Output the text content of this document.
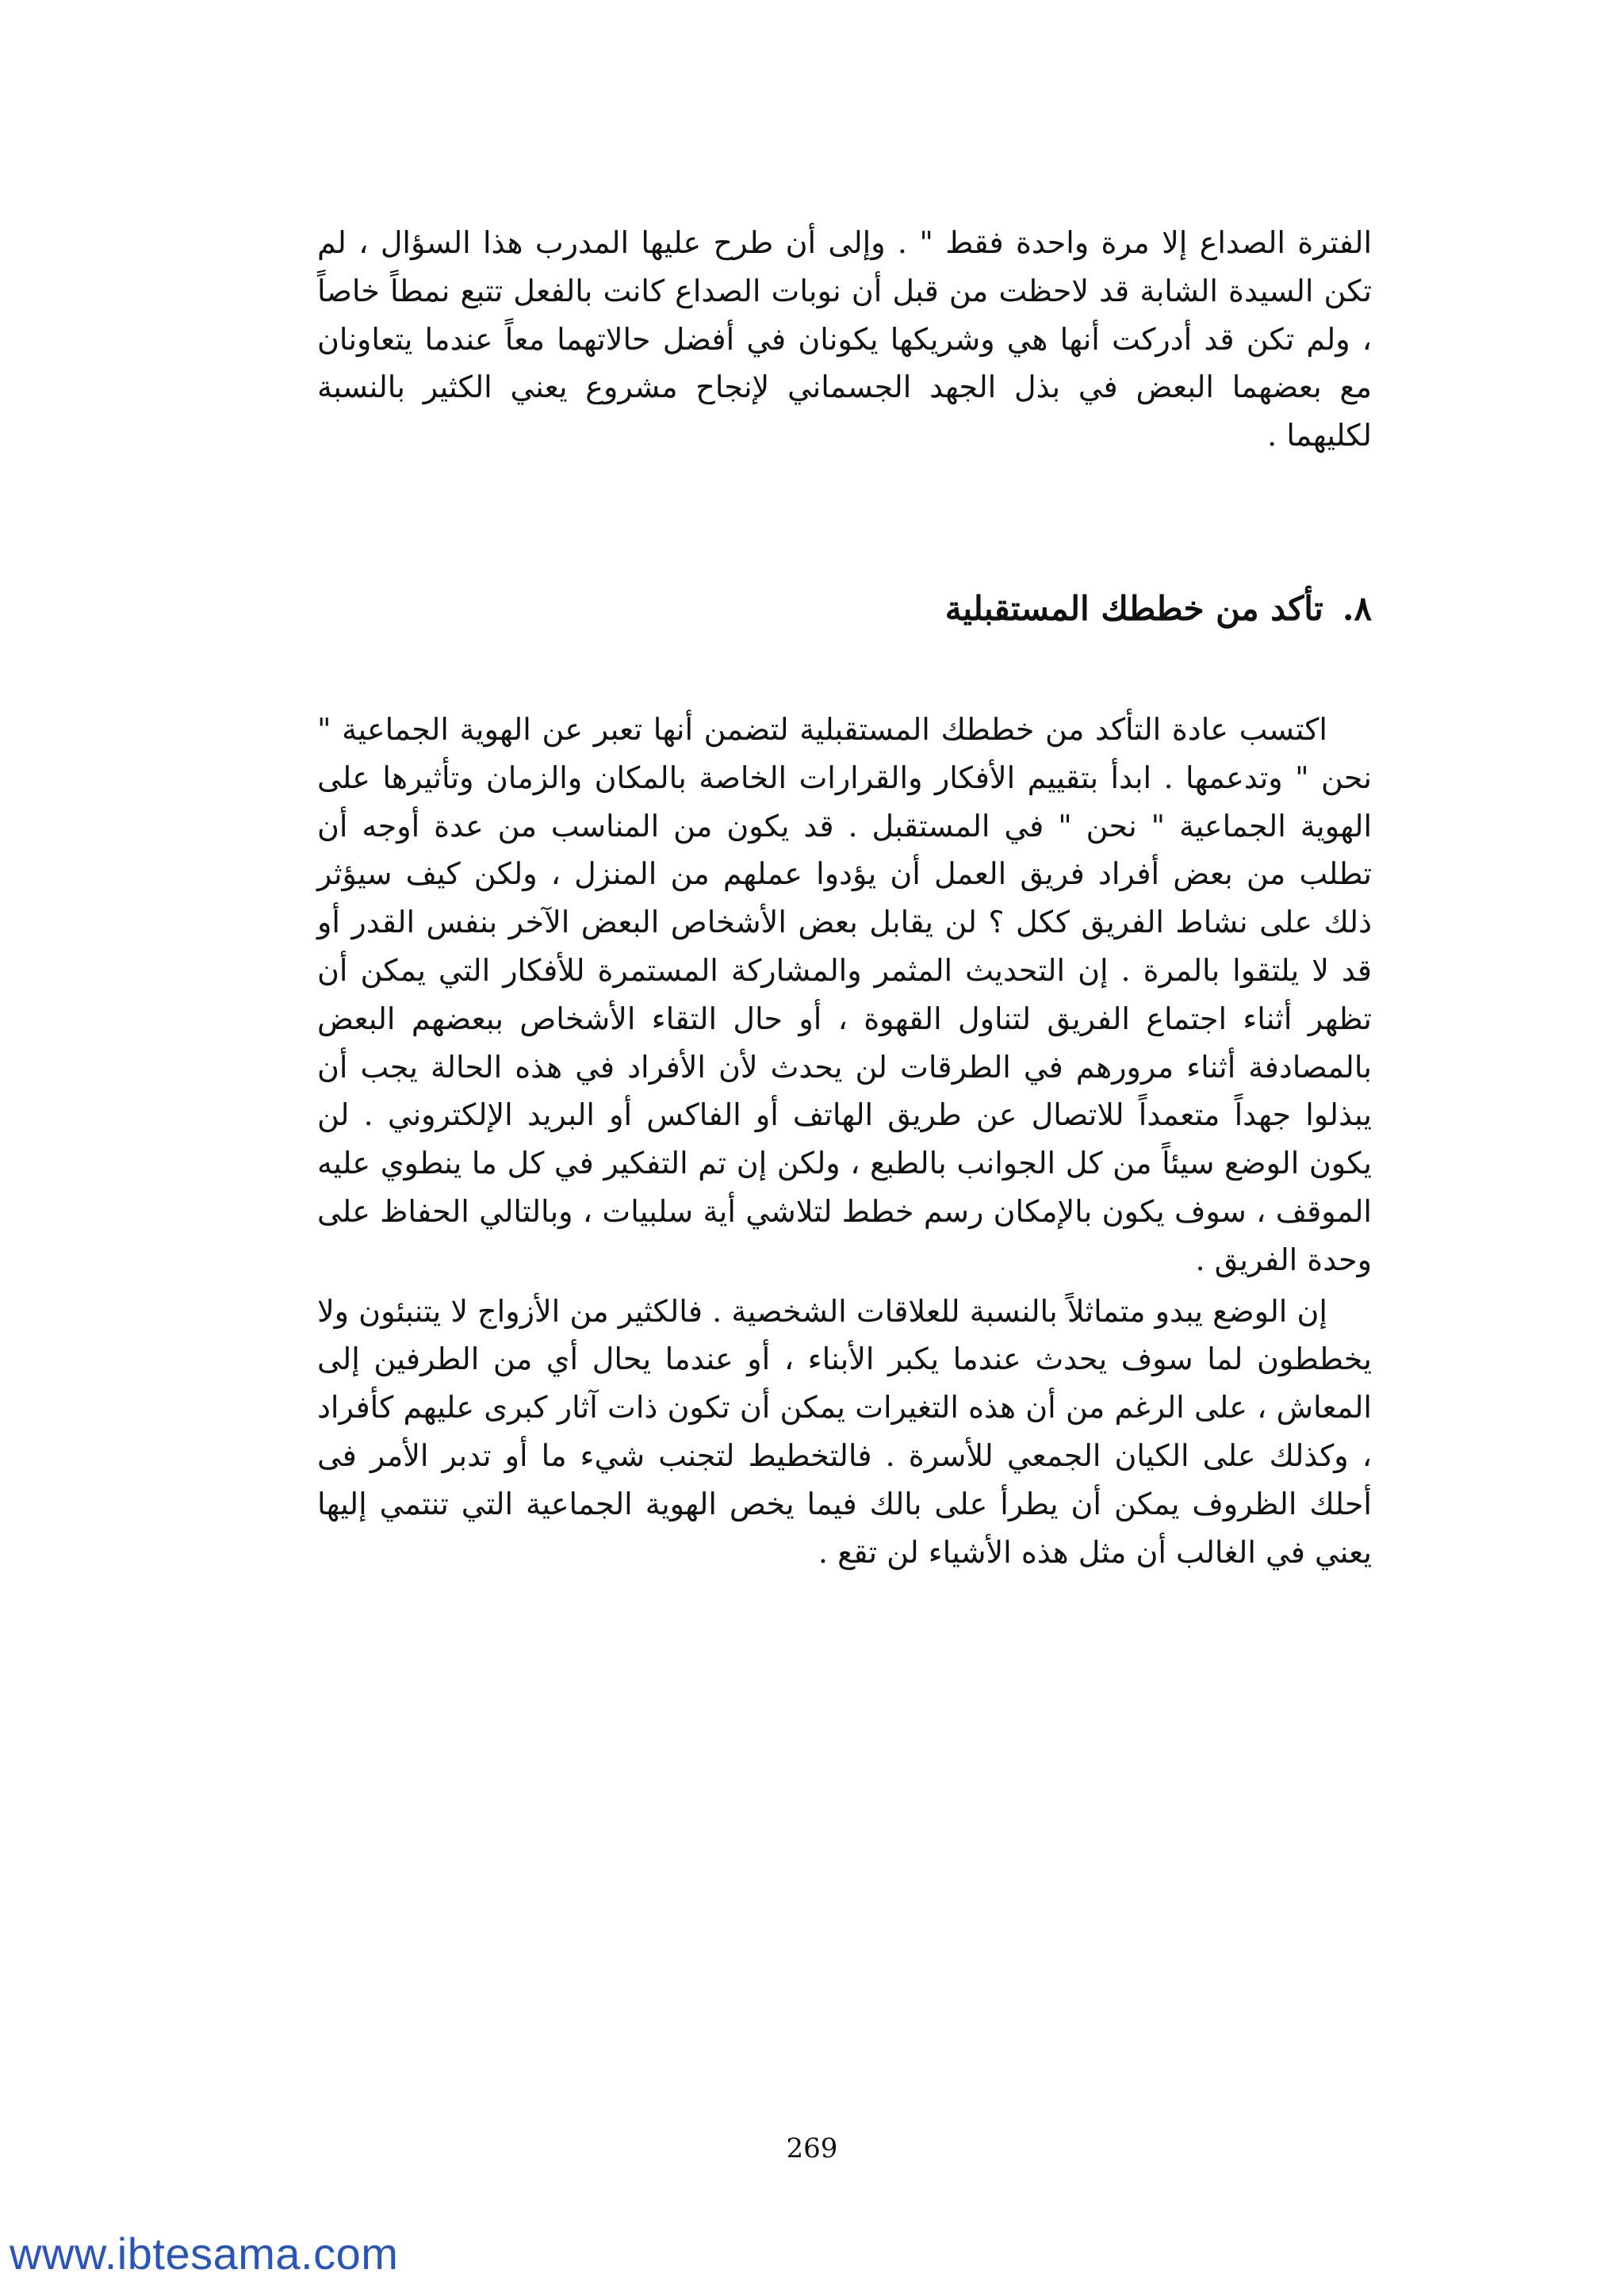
الفترة الصداع إلا مرة واحدة فقط " . وإلى أن طرح عليها المدرب هذا السؤال ، لم تكن السيدة الشابة قد لاحظت من قبل أن نوبات الصداع كانت بالفعل تتبع نمطاً خاصاً ، ولم تكن قد أدركت أنها هي وشريكها يكونان في أفضل حالاتهما معاً عندما يتعاونان مع بعضهما البعض في بذل الجهد الجسماني لإنجاح مشروع يعني الكثير بالنسبة لكليهما .

٨.تأكد من خططك المستقبلية

اكتسب عادة التأكد من خططك المستقبلية لتضمن أنها تعبر عن الهوية الجماعية " نحن " وتدعمها . ابدأ بتقييم الأفكار والقرارات الخاصة بالمكان والزمان وتأثيرها على الهوية الجماعية " نحن " في المستقبل . قد يكون من المناسب من عدة أوجه أن تطلب من بعض أفراد فريق العمل أن يؤدوا عملهم من المنزل ، ولكن كيف سيؤثر ذلك على نشاط الفريق ككل ؟ لن يقابل بعض الأشخاص البعض الآخر بنفس القدر أو قد لا يلتقوا بالمرة . إن التحديث المثمر والمشاركة المستمرة للأفكار التي يمكن أن تظهر أثناء اجتماع الفريق لتناول القهوة ، أو حال التقاء الأشخاص ببعضهم البعض بالمصادفة أثناء مرورهم في الطرقات لن يحدث لأن الأفراد في هذه الحالة يجب أن يبذلوا جهداً متعمداً للاتصال عن طريق الهاتف أو الفاكس أو البريد الإلكتروني . لن يكون الوضع سيئاً من كل الجوانب بالطبع ، ولكن إن تم التفكير في كل ما ينطوي عليه الموقف ، سوف يكون بالإمكان رسم خطط لتلاشي أية سلبيات ، وبالتالي الحفاظ على وحدة الفريق .

إن الوضع يبدو متماثلاً بالنسبة للعلاقات الشخصية . فالكثير من الأزواج لا يتنبئون ولا يخططون لما سوف يحدث عندما يكبر الأبناء ، أو عندما يحال أي من الطرفين إلى المعاش ، على الرغم من أن هذه التغيرات يمكن أن تكون ذات آثار كبرى عليهم كأفراد ، وكذلك على الكيان الجمعي للأسرة . فالتخطيط لتجنب شيء ما أو تدبر الأمر فى أحلك الظروف يمكن أن يطرأ على بالك فيما يخص الهوية الجماعية التي تنتمي إليها يعني في الغالب أن مثل هذه الأشياء لن تقع .

269
www.ibtesama.com
